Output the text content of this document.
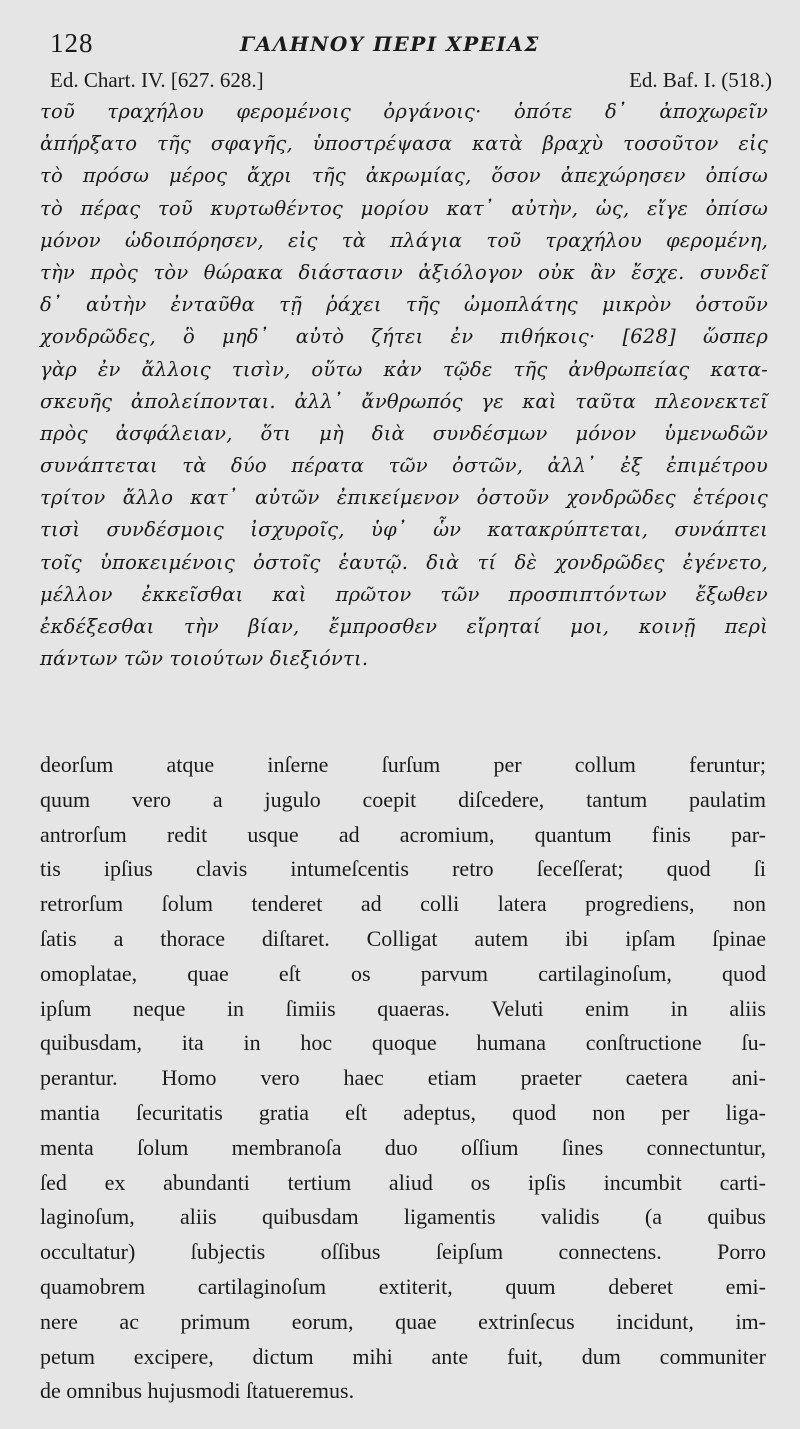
128	ΓΑΛΗΝΟΥ ΠΕΡΙ ΧΡΕΙΑΣ
Ed. Chart. IV. [627. 628.]	Ed. Baf. I. (518.)
τοῦ τραχήλου φερομένοις ὀργάνοις· ὁπότε δ᾿ ἀποχωρεῖν
ἀπήρξατο τῆς σφαγῆς, ὑποστρέψασα κατὰ βραχὺ τοσοῦτον εἰς
τὸ πρόσω μέρος ἄχρι τῆς ἀκρωμίας, ὅσον ἀπεχώρησεν ὀπίσω
τὸ πέρας τοῦ κυρτωθέντος μορίου κατ᾿ αὐτὴν, ὡς, εἴγε ὀπίσω
μόνον ὡδοιπόρησεν, εἰς τὰ πλάγια τοῦ τραχήλου φερομένη,
τὴν πρὸς τὸν θώρακα διάστασιν ἀξιόλογον οὐκ ἂν ἔσχε. συνδεῖ
δ᾿ αὐτὴν ἐνταῦθα τῇ ῥάχει τῆς ὠμοπλάτης μικρὸν ὀστοῦν
χονδρῶδες, ὃ μηδ᾿ αὐτὸ ζήτει ἐν πιθήκοις· [628] ὥσπερ
γὰρ ἐν ἄλλοις τισὶν, οὕτω κἀν τῷδε τῆς ἀνθρωπείας κατα-
σκευῆς ἀπολείπονται. ἀλλ᾿ ἄνθρωπός γε καὶ ταῦτα πλεονεκτεῖ
πρὸς ἀσφάλειαν, ὅτι μὴ διὰ συνδέσμων μόνον ὑμενωδῶν
συνάπτεται τὰ δύο πέρατα τῶν ὀστῶν, ἀλλ᾿ ἐξ ἐπιμέτρου
τρίτον ἄλλο κατ᾿ αὐτῶν ἐπικείμενον ὀστοῦν χονδρῶδες ἑτέροις
τισὶ συνδέσμοις ἰσχυροῖς, ὑφ᾿ ὧν κατακρύπτεται, συνάπτει
τοῖς ὑποκειμένοις ὀστοῖς ἑαυτῷ. διὰ τί δὲ χονδρῶδες ἐγένετο,
μέλλον ἐκκεῖσθαι καὶ πρῶτον τῶν προσπιπτόντων ἔξωθεν
ἐκδέξεσθαι τὴν βίαν, ἔμπροσθεν εἴρηταί μοι, κοινῇ περὶ
πάντων τῶν τοιούτων διεξιόντι.
deorſum atque inſerne ſurſum per collum feruntur;
quum vero a jugulo coepit diſcedere, tantum paulatim
antrorſum redit usque ad acromium, quantum finis par-
tis ipſius clavis intumeſcentis retro ſeceſſerat; quod ſi
retrorſum ſolum tenderet ad colli latera progrediens, non
ſatis a thorace diſtaret. Colligat autem ibi ipſam ſpinae
omoplatae, quae eſt os parvum cartilaginoſum, quod
ipſum neque in ſimiis quaeras. Veluti enim in aliis
quibusdam, ita in hoc quoque humana conſtructione ſu-
perantur. Homo vero haec etiam praeter caetera ani-
mantia ſecuritatis gratia eſt adeptus, quod non per liga-
menta ſolum membranoſa duo oſſium ſines connectuntur,
ſed ex abundanti tertium aliud os ipſis incumbit carti-
laginoſum, aliis quibusdam ligamentis validis (a quibus
occultatur) ſubjectis oſſibus ſeipſum connectens. Porro
quamobrem cartilaginoſum extiterit, quum deberet emi-
nere ac primum eorum, quae extrinſecus incidunt, im-
petum excipere, dictum mihi ante fuit, dum communiter
de omnibus hujusmodi ſtatueremus.
